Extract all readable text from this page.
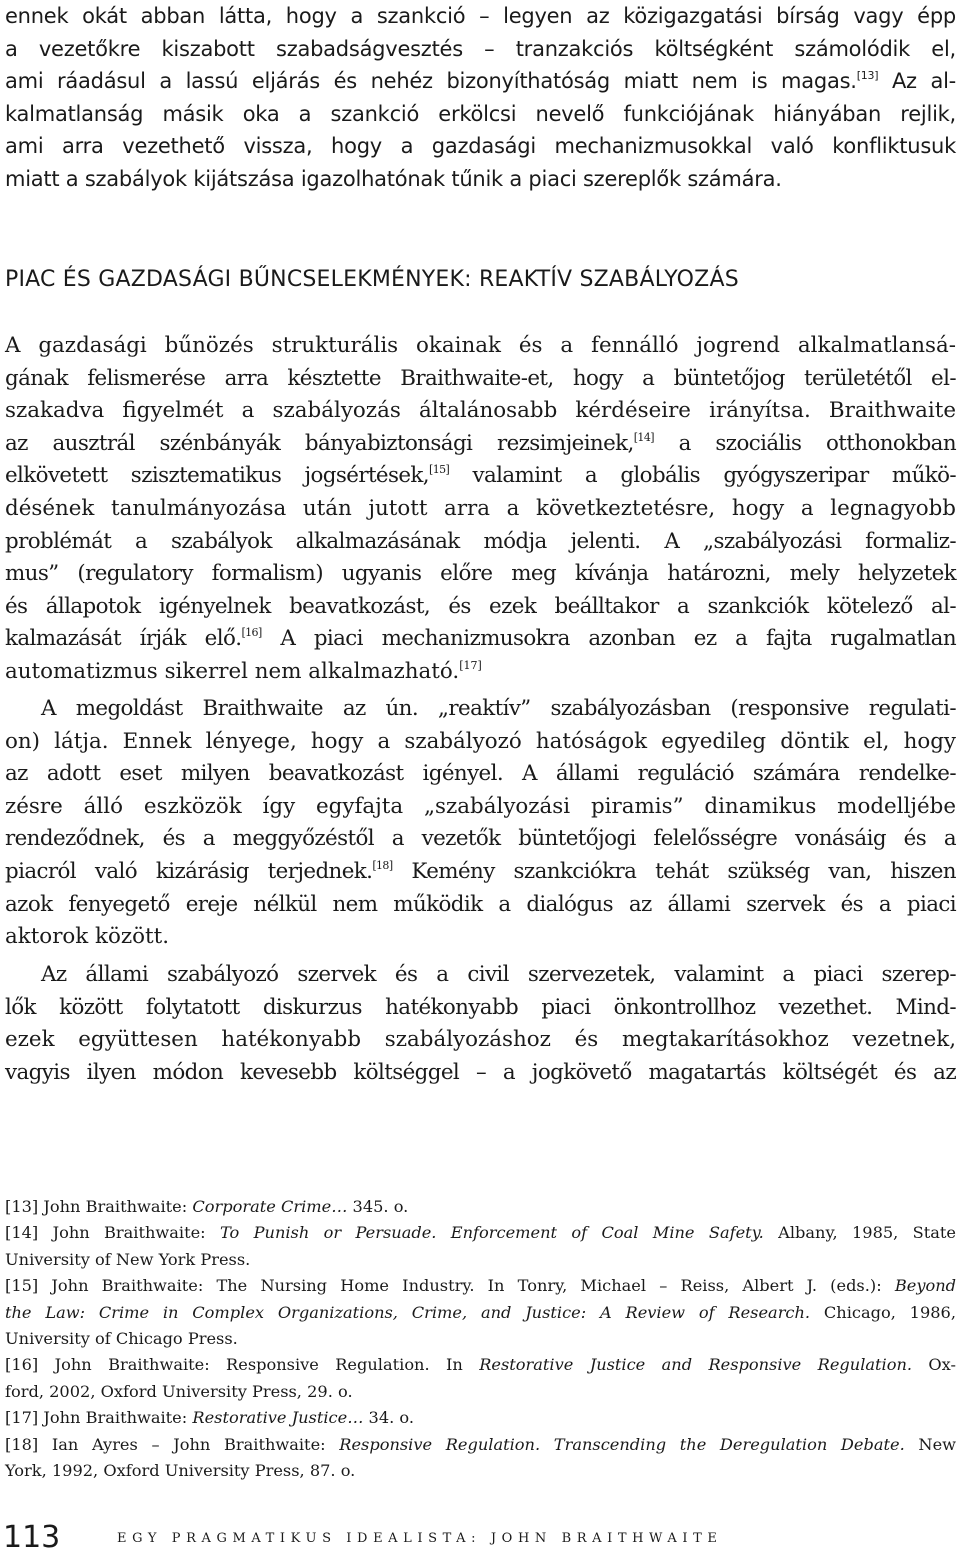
ennek okát abban látta, hogy a szankció – legyen az közigazgatási bírság vagy épp
a vezetőkre kiszabott szabadságvesztés – tranzakciós költségként számolódik el,
ami ráadásul a lassú eljárás és nehéz bizonyíthatóság miatt nem is magas.[13] Az al-
kalmatlanság másik oka a szankció erkölcsi nevelő funkciójának hiányában rejlik,
ami arra vezethető vissza, hogy a gazdasági mechanizmusokkal való konfliktusuk
miatt a szabályok kijátszása igazolhatónak tűnik a piaci szereplők számára.
PIAC ÉS GAZDASÁGI BŰNCSELEKMÉNYEK: REAKTÍV SZABÁLYOZÁS
A gazdasági bűnözés strukturális okainak és a fennálló jogrend alkalmatlansá-
gának felismerése arra késztette Braithwaite-et, hogy a büntetőjog területétől el-
szakadva figyelmét a szabályozás általánosabb kérdéseire irányítsa. Braithwaite
az ausztrál szénbányák bányabiztonsági rezsimjeinek,[14] a szociális otthonokban
elkövetett szisztematikus jogsértések,[15] valamint a globális gyógyszeripar műkö-
désének tanulmányozása után jutott arra a következtetésre, hogy a legnagyobb
problémát a szabályok alkalmazásának módja jelenti. A „szabályozási formaliz-
mus” (regulatory formalism) ugyanis előre meg kívánja határozni, mely helyzetek
és állapotok igényelnek beavatkozást, és ezek beálltakor a szankciók kötelező al-
kalmazását írják elő.[16] A piaci mechanizmusokra azonban ez a fajta rugalmatlan
automatizmus sikerrel nem alkalmazható.[17]
A megoldást Braithwaite az ún. „reaktív” szabályozásban (responsive regulati-
on) látja. Ennek lényege, hogy a szabályozó hatóságok egyedileg döntik el, hogy
az adott eset milyen beavatkozást igényel. A állami reguláció számára rendelke-
zésre álló eszközök így egyfajta „szabályozási piramis” dinamikus modelljébe
rendeződnek, és a meggyőzéstől a vezetők büntetőjogi felelősségre vonásáig és a
piacról való kizárásig terjednek.[18] Kemény szankciókra tehát szükség van, hiszen
azok fenyegető ereje nélkül nem működik a dialógus az állami szervek és a piaci
aktorok között.
Az állami szabályozó szervek és a civil szervezetek, valamint a piaci szerep-
lők között folytatott diskurzus hatékonyabb piaci önkontrollhoz vezethet. Mind-
ezek együttesen hatékonyabb szabályozáshoz és megtakarításokhoz vezetnek,
vagyis ilyen módon kevesebb költséggel – a jogkövető magatartás költségét és az
[13] John Braithwaite: Corporate Crime… 345. o.
[14] John Braithwaite: To Punish or Persuade. Enforcement of Coal Mine Safety. Albany, 1985, State
University of New York Press.
[15] John Braithwaite: The Nursing Home Industry. In Tonry, Michael – Reiss, Albert J. (eds.): Beyond
the Law: Crime in Complex Organizations, Crime, and Justice: A Review of Research. Chicago, 1986,
University of Chicago Press.
[16] John Braithwaite: Responsive Regulation. In Restorative Justice and Responsive Regulation. Ox-
ford, 2002, Oxford University Press, 29. o.
[17] John Braithwaite: Restorative Justice… 34. o.
[18] Ian Ayres – John Braithwaite: Responsive Regulation. Transcending the Deregulation Debate. New
York, 1992, Oxford University Press, 87. o.
113	EGY PRAGMATIKUS IDEALISTA: JOHN BRAITHWAITE
